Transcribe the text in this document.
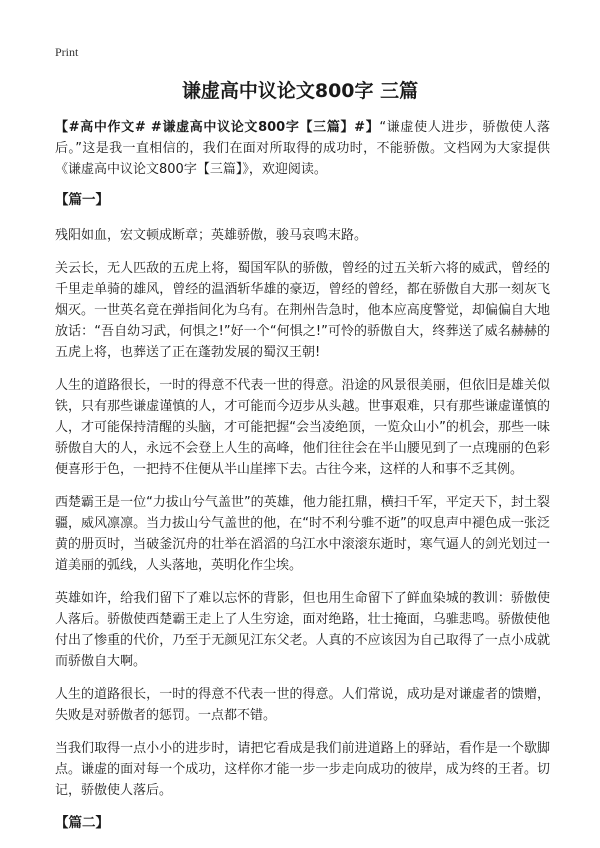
Print
谦虚高中议论文800字 三篇

【#高中作文# #谦虚高中议论文800字【三篇】#】“谦虚使人进步，骄傲使人落后。”这是我一直相信的，我们在面对所取得的成功时，不能骄傲。文档网为大家提供《谦虚高中议论文800字【三篇】》，欢迎阅读。

【篇一】

残阳如血，宏文顿成断章；英雄骄傲，骏马哀鸣末路。

关云长，无人匹敌的五虎上将，蜀国军队的骄傲，曾经的过五关斩六将的威武，曾经的千里走单骑的雄风，曾经的温酒斩华雄的豪迈，曾经的曾经，都在骄傲自大那一刻灰飞烟灭。一世英名竟在弹指间化为乌有。在荆州告急时，他本应高度警觉，却偏偏自大地放话：“吾自幼习武，何惧之!”好一个“何惧之!”可怜的骄傲自大，终葬送了威名赫赫的五虎上将，也葬送了正在蓬勃发展的蜀汉王朝!

人生的道路很长，一时的得意不代表一世的得意。沿途的风景很美丽，但依旧是雄关似铁，只有那些谦虚谨慎的人，才可能而今迈步从头越。世事艰难，只有那些谦虚谨慎的人，才可能保持清醒的头脑，才可能把握“会当凌绝顶，一览众山小”的机会，那些一味骄傲自大的人，永远不会登上人生的高峰，他们往往会在半山腰见到了一点瑰丽的色彩便喜形于色，一把持不住便从半山崖摔下去。古往今来，这样的人和事不乏其例。

西楚霸王是一位“力拔山兮气盖世”的英雄，他力能扛鼎，横扫千军，平定天下，封土裂疆，威风凛凛。当力拔山兮气盖世的他，在“时不利兮骓不逝”的叹息声中褪色成一张泛黄的册页时，当破釜沉舟的壮举在滔滔的乌江水中滚滚东逝时，寒气逼人的剑光划过一道美丽的弧线，人头落地，英明化作尘埃。

英雄如许，给我们留下了难以忘怀的背影，但也用生命留下了鲜血染城的教训：骄傲使人落后。骄傲使西楚霸王走上了人生穷途，面对绝路，壮士掩面，乌骓悲鸣。骄傲使他付出了惨重的代价，乃至于无颜见江东父老。人真的不应该因为自己取得了一点小成就而骄傲自大啊。

人生的道路很长，一时的得意不代表一世的得意。人们常说，成功是对谦虚者的馈赠，失败是对骄傲者的惩罚。一点都不错。

当我们取得一点小小的进步时，请把它看成是我们前进道路上的驿站，看作是一个歇脚点。谦虚的面对每一个成功，这样你才能一步一步走向成功的彼岸，成为终的王者。切记，骄傲使人落后。

【篇二】
